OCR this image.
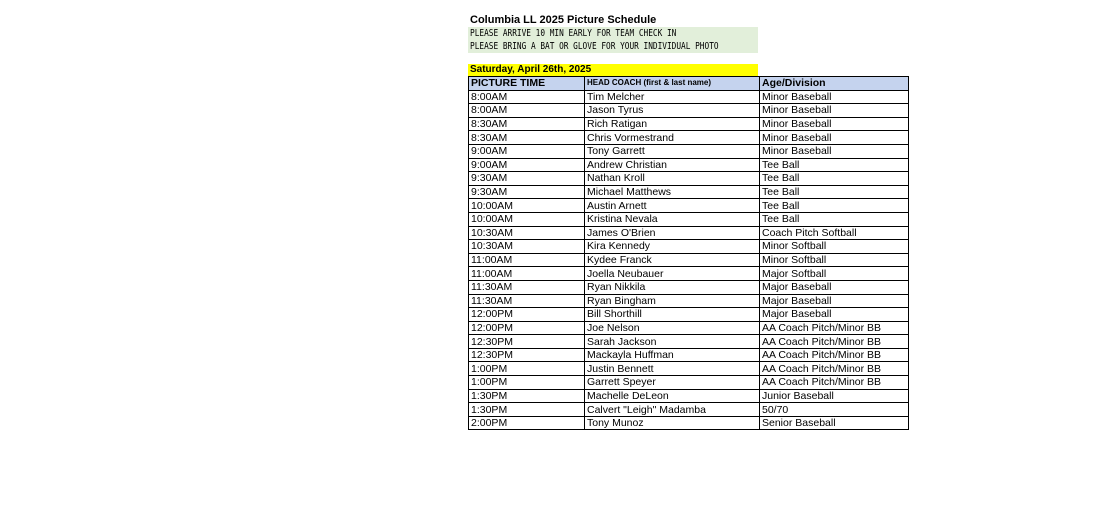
Columbia LL 2025 Picture Schedule
PLEASE ARRIVE 10 MIN EARLY FOR TEAM CHECK IN
PLEASE BRING A BAT OR GLOVE FOR YOUR INDIVIDUAL PHOTO
Saturday, April 26th, 2025
PICTURE TIME	HEAD COACH (first & last name)	Age/Division
8:00AM	Tim Melcher	Minor Baseball
8:00AM	Jason Tyrus	Minor Baseball
8:30AM	Rich Ratigan	Minor Baseball
8:30AM	Chris Vormestrand	Minor Baseball
9:00AM	Tony Garrett	Minor Baseball
9:00AM	Andrew Christian	Tee Ball
9:30AM	Nathan Kroll	Tee Ball
9:30AM	Michael Matthews	Tee Ball
10:00AM	Austin Arnett	Tee Ball
10:00AM	Kristina Nevala	Tee Ball
10:30AM	James O'Brien	Coach Pitch Softball
10:30AM	Kira Kennedy	Minor Softball
11:00AM	Kydee Franck	Minor Softball
11:00AM	Joella Neubauer	Major Softball
11:30AM	Ryan Nikkila	Major Baseball
11:30AM	Ryan Bingham	Major Baseball
12:00PM	Bill Shorthill	Major Baseball
12:00PM	Joe Nelson	AA Coach Pitch/Minor BB
12:30PM	Sarah Jackson	AA Coach Pitch/Minor BB
12:30PM	Mackayla Huffman	AA Coach Pitch/Minor BB
1:00PM	Justin Bennett	AA Coach Pitch/Minor BB
1:00PM	Garrett Speyer	AA Coach Pitch/Minor BB
1:30PM	Machelle DeLeon	Junior Baseball
1:30PM	Calvert "Leigh" Madamba	50/70
2:00PM	Tony Munoz	Senior Baseball
